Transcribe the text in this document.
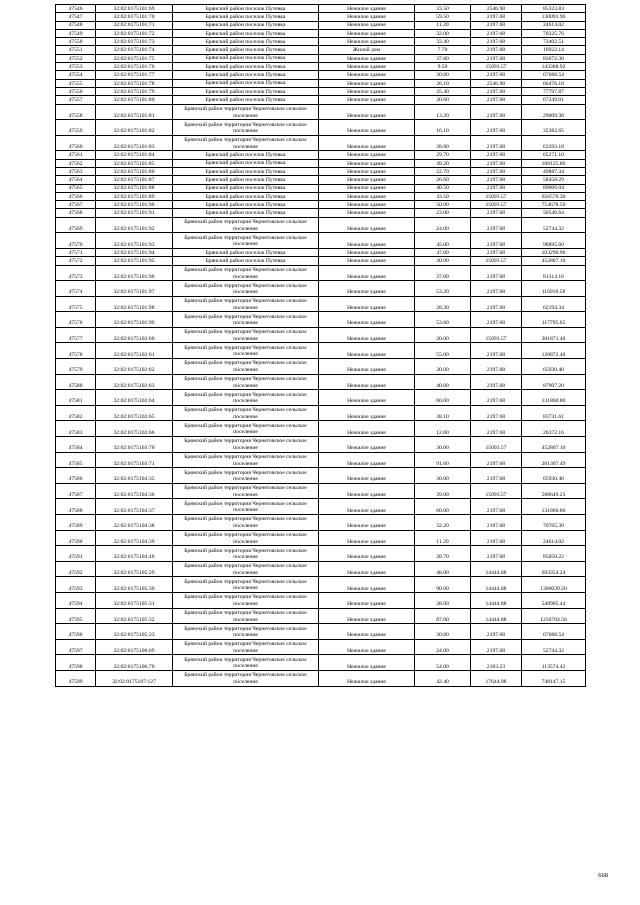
47546	32:02:0175101:69	Брянский район поселок Путевка	Нежилое здание	33.50	2546.98	85323.83
47547	32:02:0175101:70	Брянский район поселок Путевка	Нежилое здание	59.50	2197.68	130091.96
47548	32:02:0175101:71	Брянский район поселок Путевка	Нежилое здание	11.20	2197.68	24614.02
47549	32:02:0175101:72	Брянский район поселок Путевка	Нежилое здание	32.00	2197.68	70325.76
47550	32:02:0175101:73	Брянский район поселок Путевка	Нежилое здание	33.40	2197.68	73402.51
47551	32:02:0175101:74	Брянский район поселок Путевка	Жилой дом	7.70	2197.68	16922.14
47552	32:02:0175101:75	Брянский район поселок Путевка	Нежилое здание	37.80	2197.68	83072.30
47553	32:02:0175101:76	Брянский район поселок Путевка	Нежилое здание	9.50	15093.57	143388.92
47554	32:02:0175101:77	Брянский район поселок Путевка	Нежилое здание	30.80	2197.68	67688.54
47555	32:02:0175101:78	Брянский район поселок Путевка	Нежилое здание	26.10	2546.98	66476.18
47556	32:02:0175101:79	Брянский район поселок Путевка	Нежилое здание	35.40	2197.68	77797.87
47557	32:02:0175101:80	Брянский район поселок Путевка	Нежилое здание	30.60	2197.68	67249.01
47558	32:02:0175101:81	Брянский район территория Чернетовское сельское поселение	Нежилое здание	13.20	2197.68	29009.38
47559	32:02:0175101:82	Брянский район территория Чернетовское сельское поселение	Нежилое здание	16.10	2197.68	35382.65
47560	32:02:0175101:83	Брянский район территория Чернетовское сельское поселение	Нежилое здание	28.80	2197.68	63293.18
47561	32:02:0175101:84	Брянский район поселок Путевка	Нежилое здание	29.70	2197.68	65271.10
47562	32:02:0175101:85	Брянский район поселок Путевка	Нежилое здание	49.20	2197.68	108125.86
47563	32:02:0175101:86	Брянский район поселок Путевка	Нежилое здание	22.70	2197.68	49887.34
47564	32:02:0175101:87	Брянский район поселок Путевка	Нежилое здание	26.60	2197.68	58458.29
47565	32:02:0175101:88	Брянский район поселок Путевка	Нежилое здание	40.50	2197.68	89006.04
47566	32:02:0175101:89	Брянский район поселок Путевка	Нежилое здание	43.50	15093.57	656570.30
47567	32:02:0175101:90	Брянский район поселок Путевка	Нежилое здание	50.00	15093.57	754678.50
47568	32:02:0175101:91	Брянский район поселок Путевка	Нежилое здание	23.00	2197.68	50546.64
47569	32:02:0175101:92	Брянский район территория Чернетовское сельское поселение	Нежилое здание	24.00	2197.68	52744.32
47570	32:02:0175101:93	Брянский район территория Чернетовское сельское поселение	Нежилое здание	45.00	2197.68	98895.60
47571	32:02:0175101:94	Брянский район поселок Путевка	Нежилое здание	47.00	2197.68	103290.96
47572	32:02:0175101:95	Брянский район поселок Путевка	Нежилое здание	30.00	15093.57	452807.10
47573	32:02:0175101:96	Брянский район территория Чернетовское сельское поселение	Нежилое здание	37.00	2197.68	81314.16
47574	32:02:0175101:97	Брянский район территория Чернетовское сельское поселение	Нежилое здание	53.20	2197.68	116916.58
47575	32:02:0175101:98	Брянский район территория Чернетовское сельское поселение	Нежилое здание	28.30	2197.68	62194.34
47576	32:02:0175101:99	Брянский район территория Чернетовское сельское поселение	Нежилое здание	53.60	2197.68	117795.65
47577	32:02:0175102:60	Брянский район территория Чернетовское сельское поселение	Нежилое здание	20.00	15093.57	301871.40
47578	32:02:0175102:61	Брянский район территория Чернетовское сельское поселение	Нежилое здание	55.00	2197.68	120872.40
47579	32:02:0175102:62	Брянский район территория Чернетовское сельское поселение	Нежилое здание	30.00	2197.68	65930.40
47580	32:02:0175102:63	Брянский район территория Чернетовское сельское поселение	Нежилое здание	40.00	2197.68	87907.20
47581	32:02:0175102:64	Брянский район территория Чернетовское сельское поселение	Нежилое здание	60.00	2197.68	131860.80
47582	32:02:0175102:65	Брянский район территория Чернетовское сельское поселение	Нежилое здание	38.10	2197.68	83731.61
47583	32:02:0175102:66	Брянский район территория Чернетовское сельское поселение	Нежилое здание	12.00	2197.68	26372.16
47584	32:02:0175103:70	Брянский район территория Чернетовское сельское поселение	Нежилое здание	30.00	15093.57	452807.10
47585	32:02:0175103:71	Брянский район территория Чернетовское сельское поселение	Нежилое здание	91.60	2197.68	201307.49
47586	32:02:0175104:35	Брянский район территория Чернетовское сельское поселение	Нежилое здание	30.00	2197.68	65930.40
47587	32:02:0175104:36	Брянский район территория Чернетовское сельское поселение	Нежилое здание	39.00	15093.57	588649.23
47588	32:02:0175104:37	Брянский район территория Чернетовское сельское поселение	Нежилое здание	60.00	2197.68	131860.80
47589	32:02:0175104:38	Брянский район территория Чернетовское сельское поселение	Нежилое здание	32.20	2197.68	70765.30
47590	32:02:0175104:39	Брянский район территория Чернетовское сельское поселение	Нежилое здание	11.20	2197.68	24614.02
47591	32:02:0175104:46	Брянский район территория Чернетовское сельское поселение	Нежилое здание	38.70	2197.68	85050.22
47592	32:02:0175105:29	Брянский район территория Чернетовское сельское поселение	Нежилое здание	48.00	14444.88	693354.24
47593	32:02:0175105:30	Брянский район территория Чернетовское сельское поселение	Нежилое здание	90.00	14444.88	1300039.20
47594	32:02:0175105:31	Брянский район территория Чернетовское сельское поселение	Нежилое здание	38.00	14444.88	548905.44
47595	32:02:0175105:32	Брянский район территория Чернетовское сельское поселение	Нежилое здание	87.00	14444.88	1256704.56
47596	32:02:0175105:33	Брянский район территория Чернетовское сельское поселение	Нежилое здание	30.80	2197.68	67688.54
47597	32:02:0175106:69	Брянский район территория Чернетовское сельское поселение	Нежилое здание	24.00	2197.68	52744.32
47598	32:02:0175106:70	Брянский район территория Чернетовское сельское поселение	Нежилое здание	54.00	2103.23	113574.42
47599	32:02:0175107:127	Брянский район территория Чернетовское сельское поселение	Нежилое здание	42.40	17644.98	748147.15
668
